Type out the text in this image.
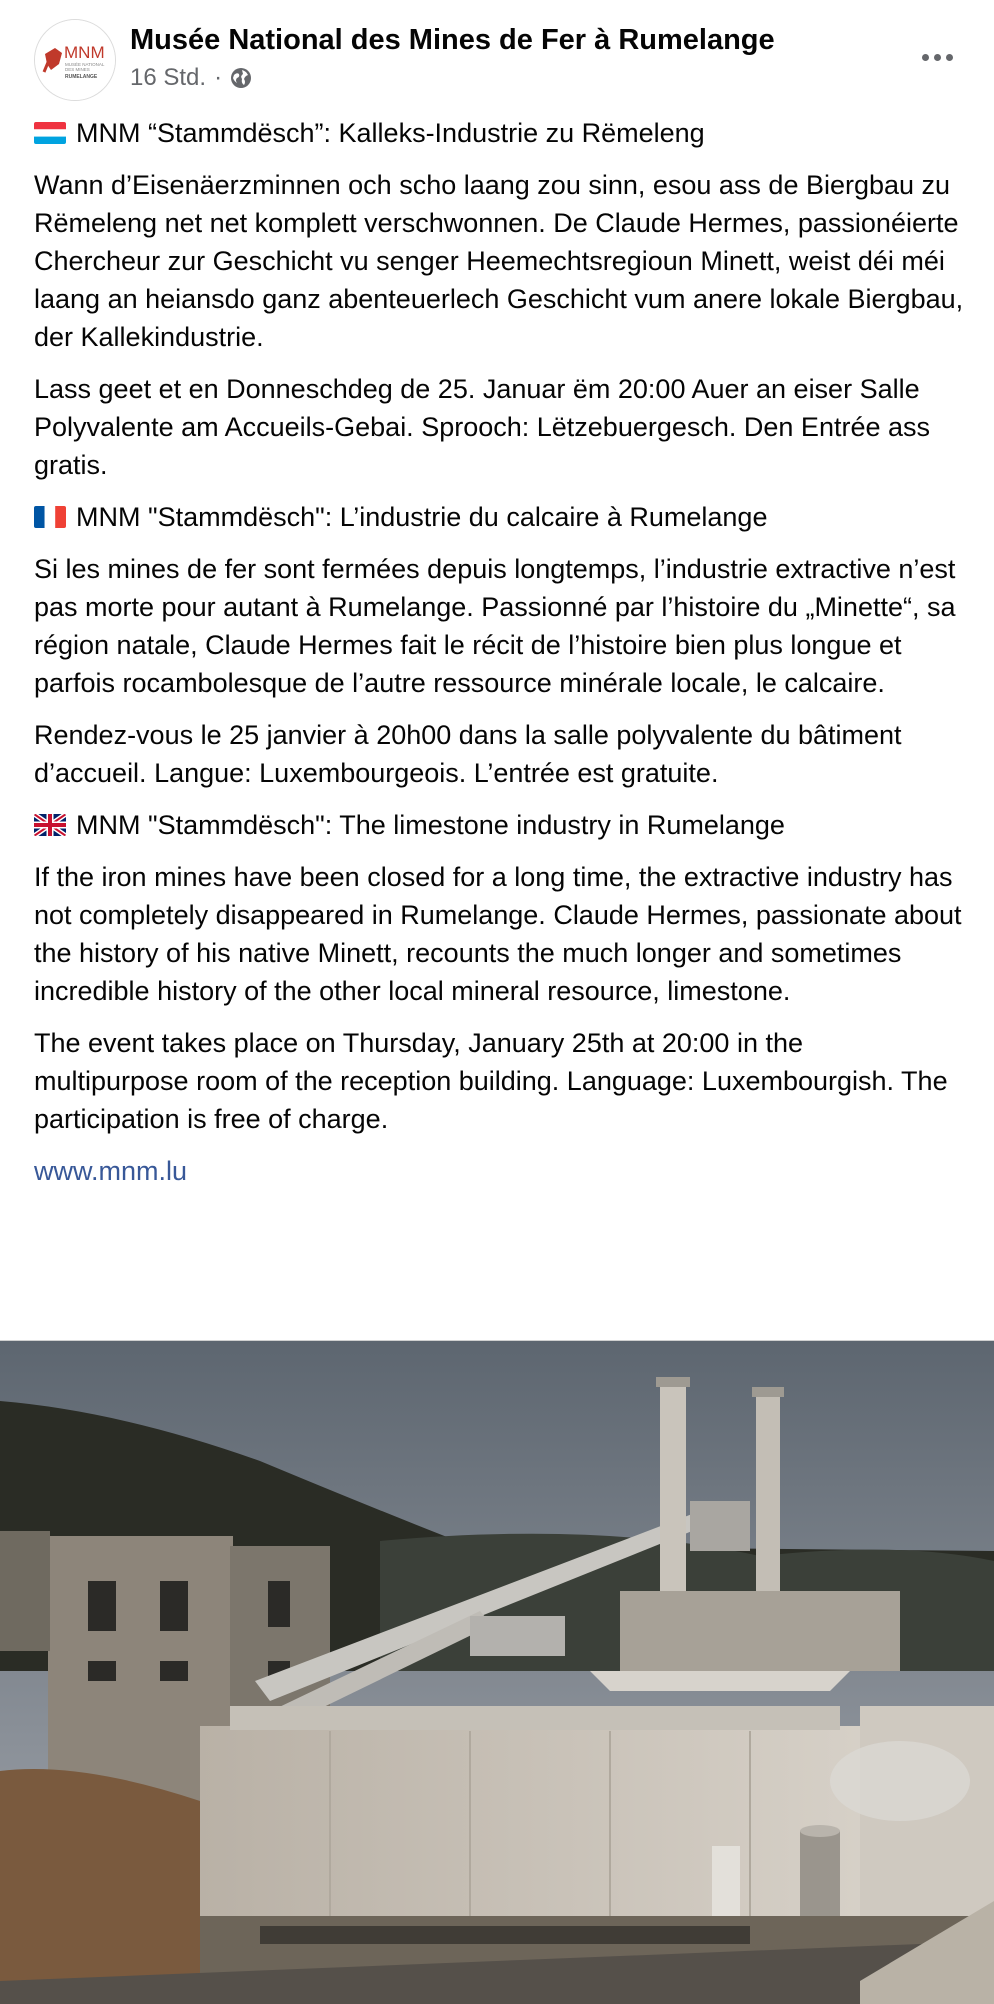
MNM
MUSÉE NATIONAL
DES MINES
RUMELANGE
Musée National des Mines de Fer à Rumelange
16 Std. ·
MNM “Stammdësch”: Kalleks-Industrie zu Rëmeleng

Wann d’Eisenäerzminnen och scho laang zou sinn, esou ass de Biergbau zu Rëmeleng net net komplett verschwonnen. De Claude Hermes, passionéierte Chercheur zur Geschicht vu senger Heemechtsregioun Minett, weist déi méi laang an heiansdo ganz abenteuerlech Geschicht vum anere lokale Biergbau, der Kallekindustrie.

Lass geet et en Donneschdeg de 25. Januar ëm 20:00 Auer an eiser Salle Polyvalente am Accueils-Gebai. Sprooch: Lëtzebuergesch. Den Entrée ass gratis.

MNM "Stammdësch": L’industrie du calcaire à Rumelange

Si les mines de fer sont fermées depuis longtemps, l’industrie extractive n’est pas morte pour autant à Rumelange. Passionné par l’histoire du „Minette“, sa région natale, Claude Hermes fait le récit de l’histoire bien plus longue et parfois rocambolesque de l’autre ressource minérale locale, le calcaire.

Rendez-vous le 25 janvier à 20h00 dans la salle polyvalente du bâtiment d’accueil. Langue: Luxembourgeois. L’entrée est gratuite.

MNM "Stammdësch": The limestone industry in Rumelange

If the iron mines have been closed for a long time, the extractive industry has not completely disappeared in Rumelange. Claude Hermes, passionate about the history of his native Minett, recounts the much longer and sometimes incredible history of the other local mineral resource, limestone.

The event takes place on Thursday, January 25th at 20:00 in the multipurpose room of the reception building. Language: Luxembourgish. The participation is free of charge.

www.mnm.lu
